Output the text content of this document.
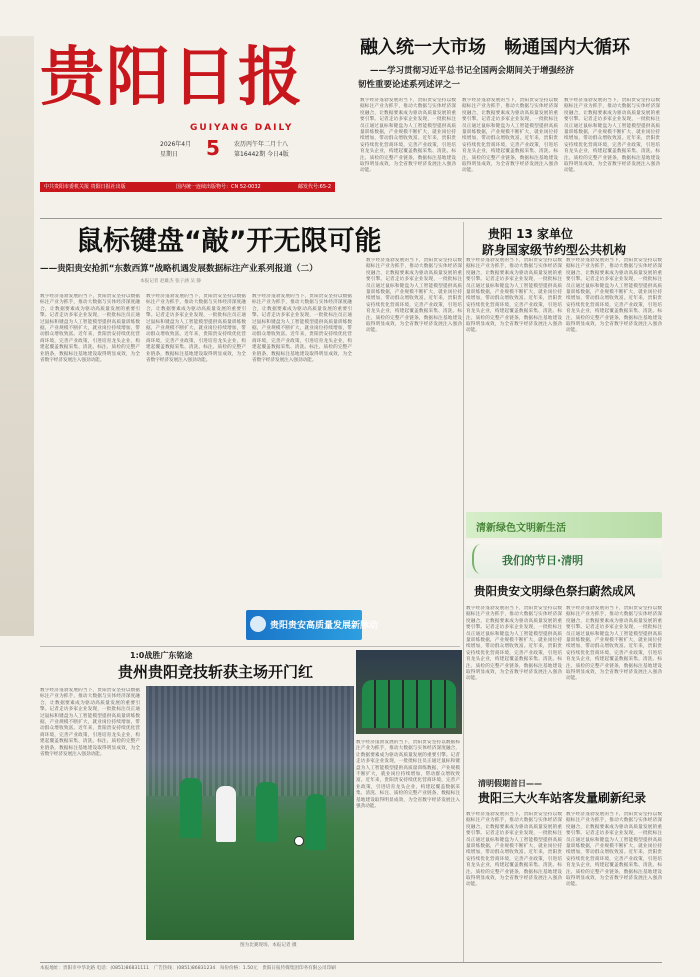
贵阳日报
GUIYANG DAILY
2026年4月
星期日 5 农历丙午年二月十八
第16442期 今日4版
中共贵阳市委机关报 贵阳日报社出版	国内统一连续出版物号：CN 52-0032	邮发代号:65-2
融入统一大市场　畅通国内大循环
——学习贯彻习近平总书记全国两会期间关于增强经济
韧性重要论述系列述评之一
数字经济蓬勃发展的当下，贵阳贵安坚持以数据标注产业为抓手，推动大数据与实体经济深度融合，让数据要素成为驱动高质量发展的重要引擎。记者走访多家企业发现，一批批标注员正通过鼠标和键盘为人工智能模型提供高质量训练数据，产业规模不断扩大，就业岗位持续增加，带动群众增收致富。近年来，贵阳贵安持续优化营商环境，完善产业政策，引进培育龙头企业，构建起覆盖数据采集、清洗、标注、质检的完整产业链条，数据标注基地建设取得明显成效，为全省数字经济发展注入强劲动能。
数字经济蓬勃发展的当下，贵阳贵安坚持以数据标注产业为抓手，推动大数据与实体经济深度融合，让数据要素成为驱动高质量发展的重要引擎。记者走访多家企业发现，一批批标注员正通过鼠标和键盘为人工智能模型提供高质量训练数据，产业规模不断扩大，就业岗位持续增加，带动群众增收致富。近年来，贵阳贵安持续优化营商环境，完善产业政策，引进培育龙头企业，构建起覆盖数据采集、清洗、标注、质检的完整产业链条，数据标注基地建设取得明显成效，为全省数字经济发展注入强劲动能。
数字经济蓬勃发展的当下，贵阳贵安坚持以数据标注产业为抓手，推动大数据与实体经济深度融合，让数据要素成为驱动高质量发展的重要引擎。记者走访多家企业发现，一批批标注员正通过鼠标和键盘为人工智能模型提供高质量训练数据，产业规模不断扩大，就业岗位持续增加，带动群众增收致富。近年来，贵阳贵安持续优化营商环境，完善产业政策，引进培育龙头企业，构建起覆盖数据采集、清洗、标注、质检的完整产业链条，数据标注基地建设取得明显成效，为全省数字经济发展注入强劲动能。
鼠标键盘“敲”开无限可能
——贵阳贵安抢抓“东数西算”战略机遇发展数据标注产业系列报道（二）
本报记者 赵雄杰 张子涵 吴 静
数字经济蓬勃发展的当下，贵阳贵安坚持以数据标注产业为抓手，推动大数据与实体经济深度融合，让数据要素成为驱动高质量发展的重要引擎。记者走访多家企业发现，一批批标注员正通过鼠标和键盘为人工智能模型提供高质量训练数据，产业规模不断扩大，就业岗位持续增加，带动群众增收致富。近年来，贵阳贵安持续优化营商环境，完善产业政策，引进培育龙头企业，构建起覆盖数据采集、清洗、标注、质检的完整产业链条，数据标注基地建设取得明显成效，为全省数字经济发展注入强劲动能。
数字经济蓬勃发展的当下，贵阳贵安坚持以数据标注产业为抓手，推动大数据与实体经济深度融合，让数据要素成为驱动高质量发展的重要引擎。记者走访多家企业发现，一批批标注员正通过鼠标和键盘为人工智能模型提供高质量训练数据，产业规模不断扩大，就业岗位持续增加，带动群众增收致富。近年来，贵阳贵安持续优化营商环境，完善产业政策，引进培育龙头企业，构建起覆盖数据采集、清洗、标注、质检的完整产业链条，数据标注基地建设取得明显成效，为全省数字经济发展注入强劲动能。
数字经济蓬勃发展的当下，贵阳贵安坚持以数据标注产业为抓手，推动大数据与实体经济深度融合，让数据要素成为驱动高质量发展的重要引擎。记者走访多家企业发现，一批批标注员正通过鼠标和键盘为人工智能模型提供高质量训练数据，产业规模不断扩大，就业岗位持续增加，带动群众增收致富。近年来，贵阳贵安持续优化营商环境，完善产业政策，引进培育龙头企业，构建起覆盖数据采集、清洗、标注、质检的完整产业链条，数据标注基地建设取得明显成效，为全省数字经济发展注入强劲动能。
贵阳 13 家单位
跻身国家级节约型公共机构
数字经济蓬勃发展的当下，贵阳贵安坚持以数据标注产业为抓手，推动大数据与实体经济深度融合，让数据要素成为驱动高质量发展的重要引擎。记者走访多家企业发现，一批批标注员正通过鼠标和键盘为人工智能模型提供高质量训练数据，产业规模不断扩大，就业岗位持续增加，带动群众增收致富。近年来，贵阳贵安持续优化营商环境，完善产业政策，引进培育龙头企业，构建起覆盖数据采集、清洗、标注、质检的完整产业链条，数据标注基地建设取得明显成效，为全省数字经济发展注入强劲动能。
数字经济蓬勃发展的当下，贵阳贵安坚持以数据标注产业为抓手，推动大数据与实体经济深度融合，让数据要素成为驱动高质量发展的重要引擎。记者走访多家企业发现，一批批标注员正通过鼠标和键盘为人工智能模型提供高质量训练数据，产业规模不断扩大，就业岗位持续增加，带动群众增收致富。近年来，贵阳贵安持续优化营商环境，完善产业政策，引进培育龙头企业，构建起覆盖数据采集、清洗、标注、质检的完整产业链条，数据标注基地建设取得明显成效，为全省数字经济发展注入强劲动能。
数字经济蓬勃发展的当下，贵阳贵安坚持以数据标注产业为抓手，推动大数据与实体经济深度融合，让数据要素成为驱动高质量发展的重要引擎。记者走访多家企业发现，一批批标注员正通过鼠标和键盘为人工智能模型提供高质量训练数据，产业规模不断扩大，就业岗位持续增加，带动群众增收致富。近年来，贵阳贵安持续优化营商环境，完善产业政策，引进培育龙头企业，构建起覆盖数据采集、清洗、标注、质检的完整产业链条，数据标注基地建设取得明显成效，为全省数字经济发展注入强劲动能。
清新绿色文明新生活
贵阳贵安高质量发展新脉动
我们的节日·清明
贵阳贵安文明绿色祭扫蔚然成风
数字经济蓬勃发展的当下，贵阳贵安坚持以数据标注产业为抓手，推动大数据与实体经济深度融合，让数据要素成为驱动高质量发展的重要引擎。记者走访多家企业发现，一批批标注员正通过鼠标和键盘为人工智能模型提供高质量训练数据，产业规模不断扩大，就业岗位持续增加，带动群众增收致富。近年来，贵阳贵安持续优化营商环境，完善产业政策，引进培育龙头企业，构建起覆盖数据采集、清洗、标注、质检的完整产业链条，数据标注基地建设取得明显成效，为全省数字经济发展注入强劲动能。
数字经济蓬勃发展的当下，贵阳贵安坚持以数据标注产业为抓手，推动大数据与实体经济深度融合，让数据要素成为驱动高质量发展的重要引擎。记者走访多家企业发现，一批批标注员正通过鼠标和键盘为人工智能模型提供高质量训练数据，产业规模不断扩大，就业岗位持续增加，带动群众增收致富。近年来，贵阳贵安持续优化营商环境，完善产业政策，引进培育龙头企业，构建起覆盖数据采集、清洗、标注、质检的完整产业链条，数据标注基地建设取得明显成效，为全省数字经济发展注入强劲动能。
1:0战胜广东铭途
贵州贵阳竞技斩获主场开门红
数字经济蓬勃发展的当下，贵阳贵安坚持以数据标注产业为抓手，推动大数据与实体经济深度融合，让数据要素成为驱动高质量发展的重要引擎。记者走访多家企业发现，一批批标注员正通过鼠标和键盘为人工智能模型提供高质量训练数据，产业规模不断扩大，就业岗位持续增加，带动群众增收致富。近年来，贵阳贵安持续优化营商环境，完善产业政策，引进培育龙头企业，构建起覆盖数据采集、清洗、标注、质检的完整产业链条，数据标注基地建设取得明显成效，为全省数字经济发展注入强劲动能。
图为比赛现场。本报记者 摄
数字经济蓬勃发展的当下，贵阳贵安坚持以数据标注产业为抓手，推动大数据与实体经济深度融合，让数据要素成为驱动高质量发展的重要引擎。记者走访多家企业发现，一批批标注员正通过鼠标和键盘为人工智能模型提供高质量训练数据，产业规模不断扩大，就业岗位持续增加，带动群众增收致富。近年来，贵阳贵安持续优化营商环境，完善产业政策，引进培育龙头企业，构建起覆盖数据采集、清洗、标注、质检的完整产业链条，数据标注基地建设取得明显成效，为全省数字经济发展注入强劲动能。
清明假期首日——
贵阳三大火车站客发量刷新纪录
数字经济蓬勃发展的当下，贵阳贵安坚持以数据标注产业为抓手，推动大数据与实体经济深度融合，让数据要素成为驱动高质量发展的重要引擎。记者走访多家企业发现，一批批标注员正通过鼠标和键盘为人工智能模型提供高质量训练数据，产业规模不断扩大，就业岗位持续增加，带动群众增收致富。近年来，贵阳贵安持续优化营商环境，完善产业政策，引进培育龙头企业，构建起覆盖数据采集、清洗、标注、质检的完整产业链条，数据标注基地建设取得明显成效，为全省数字经济发展注入强劲动能。
数字经济蓬勃发展的当下，贵阳贵安坚持以数据标注产业为抓手，推动大数据与实体经济深度融合，让数据要素成为驱动高质量发展的重要引擎。记者走访多家企业发现，一批批标注员正通过鼠标和键盘为人工智能模型提供高质量训练数据，产业规模不断扩大，就业岗位持续增加，带动群众增收致富。近年来，贵阳贵安持续优化营商环境，完善产业政策，引进培育龙头企业，构建起覆盖数据采集、清洗、标注、质检的完整产业链条，数据标注基地建设取得明显成效，为全省数字经济发展注入强劲动能。
本报地址：贵阳市中华北路 电话：(0851)86831111　广告热线：(0851)86831234　每份价格：1.50元　贵阳日报传媒集团印务有限公司印刷
